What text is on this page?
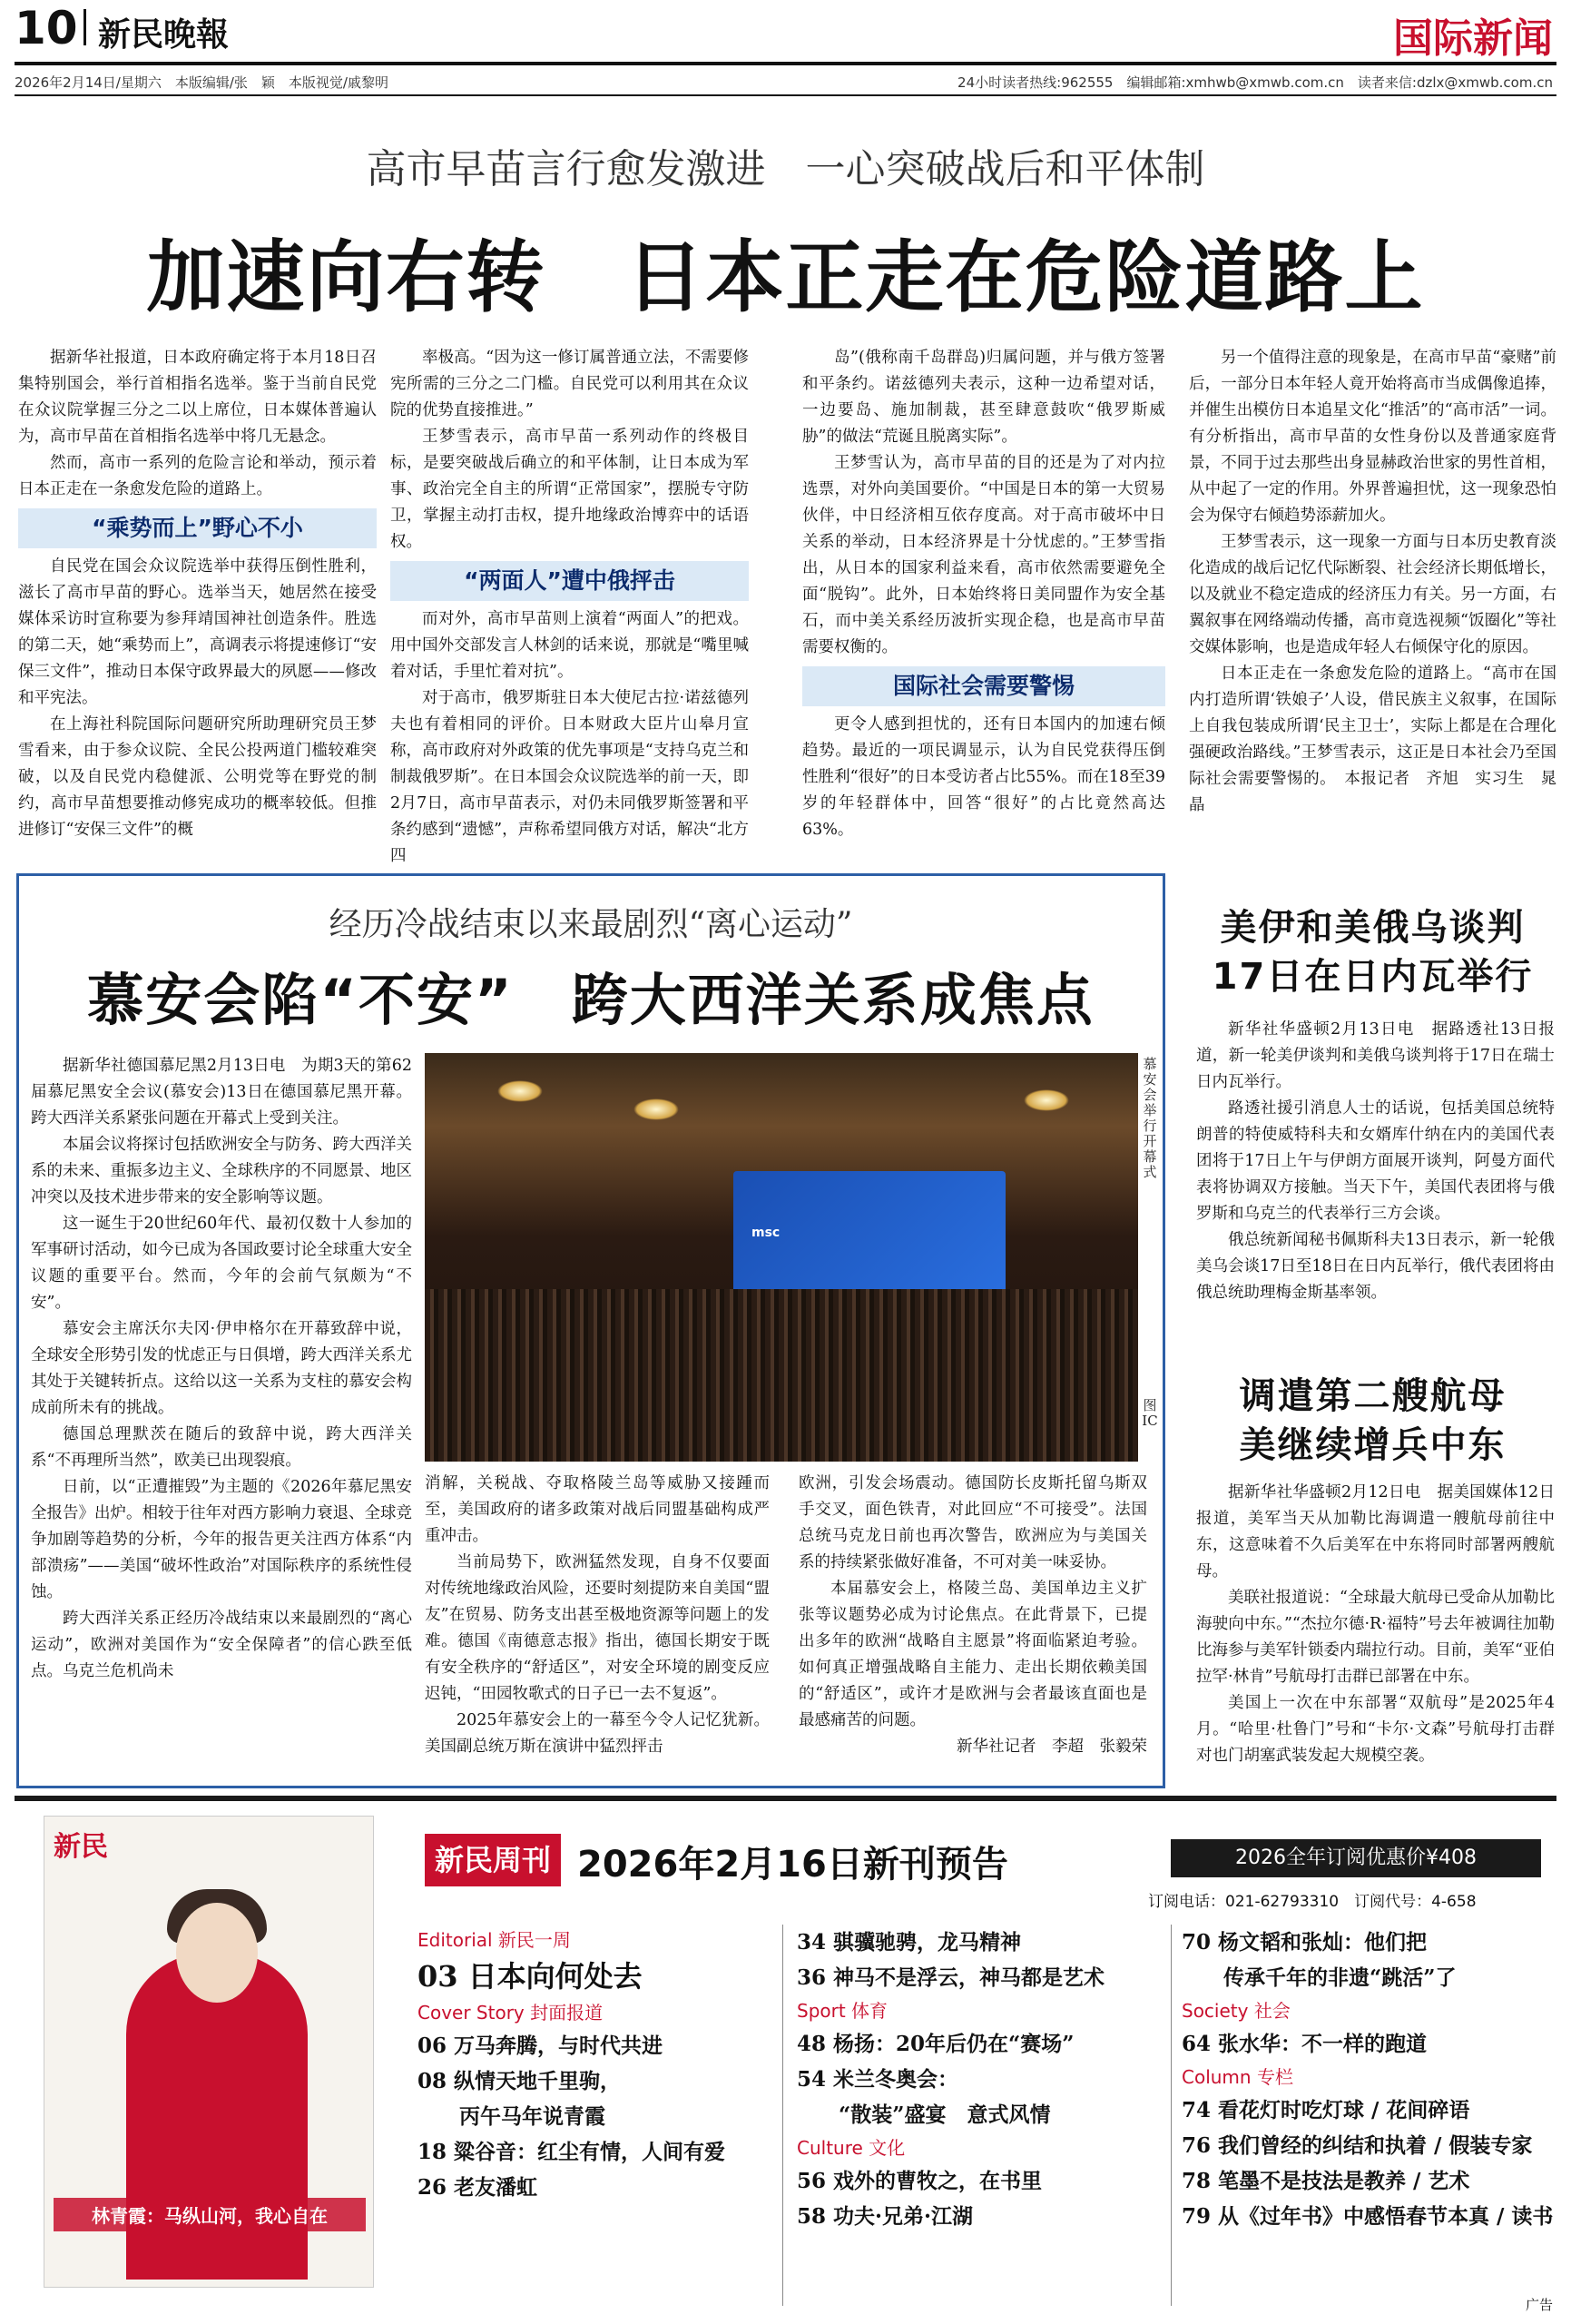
10 新民晚報	国际新闻
2026年2月14日/星期六　本版编辑/张　颖　本版视觉/戚黎明	24小时读者热线:962555　编辑邮箱:xmhwb@xmwb.com.cn　读者来信:dzlx@xmwb.com.cn
高市早苗言行愈发激进　一心突破战后和平体制
加速向右转　日本正走在危险道路上

据新华社报道，日本政府确定将于本月18日召集特别国会，举行首相指名选举。鉴于当前自民党在众议院掌握三分之二以上席位，日本媒体普遍认为，高市早苗在首相指名选举中将几无悬念。

然而，高市一系列的危险言论和举动，预示着日本正走在一条愈发危险的道路上。

“乘势而上”野心不小

自民党在国会众议院选举中获得压倒性胜利，滋长了高市早苗的野心。选举当天，她居然在接受媒体采访时宣称要为参拜靖国神社创造条件。胜选的第二天，她“乘势而上”，高调表示将提速修订“安保三文件”，推动日本保守政界最大的夙愿——修改和平宪法。

在上海社科院国际问题研究所助理研究员王梦雪看来，由于参众议院、全民公投两道门槛较难突破，以及自民党内稳健派、公明党等在野党的制约，高市早苗想要推动修宪成功的概率较低。但推进修订“安保三文件”的概

率极高。“因为这一修订属普通立法，不需要修宪所需的三分之二门槛。自民党可以利用其在众议院的优势直接推进。”

王梦雪表示，高市早苗一系列动作的终极目标，是要突破战后确立的和平体制，让日本成为军事、政治完全自主的所谓“正常国家”，摆脱专守防卫，掌握主动打击权，提升地缘政治博弈中的话语权。

“两面人”遭中俄抨击

而对外，高市早苗则上演着“两面人”的把戏。用中国外交部发言人林剑的话来说，那就是“嘴里喊着对话，手里忙着对抗”。

对于高市，俄罗斯驻日本大使尼古拉·诺兹德列夫也有着相同的评价。日本财政大臣片山皋月宣称，高市政府对外政策的优先事项是“支持乌克兰和制裁俄罗斯”。在日本国会众议院选举的前一天，即2月7日，高市早苗表示，对仍未同俄罗斯签署和平条约感到“遗憾”，声称希望同俄方对话，解决“北方四

岛”(俄称南千岛群岛)归属问题，并与俄方签署和平条约。诺兹德列夫表示，这种一边希望对话，一边要岛、施加制裁，甚至肆意鼓吹“俄罗斯威胁”的做法“荒诞且脱离实际”。

王梦雪认为，高市早苗的目的还是为了对内拉选票，对外向美国要价。“中国是日本的第一大贸易伙伴，中日经济相互依存度高。对于高市破坏中日关系的举动，日本经济界是十分忧虑的。”王梦雪指出，从日本的国家利益来看，高市依然需要避免全面“脱钩”。此外，日本始终将日美同盟作为安全基石，而中美关系经历波折实现企稳，也是高市早苗需要权衡的。

国际社会需要警惕

更令人感到担忧的，还有日本国内的加速右倾趋势。最近的一项民调显示，认为自民党获得压倒性胜利“很好”的日本受访者占比55%。而在18至39岁的年轻群体中，回答“很好”的占比竟然高达63%。

另一个值得注意的现象是，在高市早苗“豪赌”前后，一部分日本年轻人竟开始将高市当成偶像追捧，并催生出模仿日本追星文化“推活”的“高市活”一词。有分析指出，高市早苗的女性身份以及普通家庭背景，不同于过去那些出身显赫政治世家的男性首相，从中起了一定的作用。外界普遍担忧，这一现象恐怕会为保守右倾趋势添薪加火。

王梦雪表示，这一现象一方面与日本历史教育淡化造成的战后记忆代际断裂、社会经济长期低增长，以及就业不稳定造成的经济压力有关。另一方面，右翼叙事在网络端动传播，高市竟选视频“饭圈化”等社交媒体影响，也是造成年轻人右倾保守化的原因。

日本正走在一条愈发危险的道路上。“高市在国内打造所谓‘铁娘子’人设，借民族主义叙事，在国际上自我包装成所谓‘民主卫士’，实际上都是在合理化强硬政治路线。”王梦雪表示，这正是日本社会乃至国际社会需要警惕的。　本报记者　齐旭　实习生　晁晶

经历冷战结束以来最剧烈“离心运动”
慕安会陷“不安”　跨大西洋关系成焦点

据新华社德国慕尼黑2月13日电　为期3天的第62届慕尼黑安全会议(慕安会)13日在德国慕尼黑开幕。跨大西洋关系紧张问题在开幕式上受到关注。

本届会议将探讨包括欧洲安全与防务、跨大西洋关系的未来、重振多边主义、全球秩序的不同愿景、地区冲突以及技术进步带来的安全影响等议题。

这一诞生于20世纪60年代、最初仅数十人参加的军事研讨活动，如今已成为各国政要讨论全球重大安全议题的重要平台。然而，今年的会前气氛颇为“不安”。

慕安会主席沃尔夫冈·伊申格尔在开幕致辞中说，全球安全形势引发的忧虑正与日俱增，跨大西洋关系尤其处于关键转折点。这给以这一关系为支柱的慕安会构成前所未有的挑战。

德国总理默茨在随后的致辞中说，跨大西洋关系“不再理所当然”，欧美已出现裂痕。

日前，以“正遭摧毁”为主题的《2026年慕尼黑安全报告》出炉。相较于往年对西方影响力衰退、全球竞争加剧等趋势的分析，今年的报告更关注西方体系“内部溃疡”——美国“破坏性政治”对国际秩序的系统性侵蚀。

跨大西洋关系正经历冷战结束以来最剧烈的“离心运动”，欧洲对美国作为“安全保障者”的信心跌至低点。乌克兰危机尚未

msc
慕安会举行开幕式
图IC

消解，关税战、夺取格陵兰岛等威胁又接踵而至，美国政府的诸多政策对战后同盟基础构成严重冲击。

当前局势下，欧洲猛然发现，自身不仅要面对传统地缘政治风险，还要时刻提防来自美国“盟友”在贸易、防务支出甚至极地资源等问题上的发难。德国《南德意志报》指出，德国长期安于既有安全秩序的“舒适区”，对安全环境的剧变反应迟钝，“田园牧歌式的日子已一去不复返”。

2025年慕安会上的一幕至今令人记忆犹新。美国副总统万斯在演讲中猛烈抨击

欧洲，引发会场震动。德国防长皮斯托留乌斯双手交叉，面色铁青，对此回应“不可接受”。法国总统马克龙日前也再次警告，欧洲应为与美国关系的持续紧张做好准备，不可对美一味妥协。

本届慕安会上，格陵兰岛、美国单边主义扩张等议题势必成为讨论焦点。在此背景下，已提出多年的欧洲“战略自主愿景”将面临紧迫考验。如何真正增强战略自主能力、走出长期依赖美国的“舒适区”，或许才是欧洲与会者最该直面也是最感痛苦的问题。

新华社记者　李超　张毅荣

美伊和美俄乌谈判
17日在日内瓦举行

新华社华盛顿2月13日电　据路透社13日报道，新一轮美伊谈判和美俄乌谈判将于17日在瑞士日内瓦举行。

路透社援引消息人士的话说，包括美国总统特朗普的特使威特科夫和女婿库什纳在内的美国代表团将于17日上午与伊朗方面展开谈判，阿曼方面代表将协调双方接触。当天下午，美国代表团将与俄罗斯和乌克兰的代表举行三方会谈。

俄总统新闻秘书佩斯科夫13日表示，新一轮俄美乌会谈17日至18日在日内瓦举行，俄代表团将由俄总统助理梅金斯基率领。

调遣第二艘航母
美继续增兵中东

据新华社华盛顿2月12日电　据美国媒体12日报道，美军当天从加勒比海调遣一艘航母前往中东，这意味着不久后美军在中东将同时部署两艘航母。

美联社报道说：“全球最大航母已受命从加勒比海驶向中东。”“杰拉尔德·R·福特”号去年被调往加勒比海参与美军针锁委内瑞拉行动。目前，美军“亚伯拉罕·林肯”号航母打击群已部署在中东。

美国上一次在中东部署“双航母”是2025年4月。“哈里·杜鲁门”号和“卡尔·文森”号航母打击群对也门胡塞武装发起大规模空袭。

新民
林青霞：马纵山河，我心自在
新民周刊 2026年2月16日新刊预告	2026全年订阅优惠价¥408
订阅电话：021-62793310　订阅代号：4-658
Editorial 新民一周
03 日本向何处去
Cover Story 封面报道
06 万马奔腾，与时代共进
08 纵情天地千里驹，
　　丙午马年说青霞
18 粱谷音：红尘有情，人间有爱
26 老友潘虹
34 骐骥驰骋，龙马精神
36 神马不是浮云，神马都是艺术
Sport 体育
48 杨扬：20年后仍在“赛场”
54 米兰冬奥会：
　　“散装”盛宴　意式风情
Culture 文化
56 戏外的曹牧之，在书里
58 功夫·兄弟·江湖
70 杨文韬和张灿：他们把
　　传承千年的非遗“跳活”了
Society 社会
64 张水华：不一样的跑道
Column 专栏
74 看花灯时吃灯球 / 花间碎语
76 我们曾经的纠结和执着 / 假装专家
78 笔墨不是技法是教养 / 艺术
79 从《过年书》中感悟春节本真 / 读书
广告
